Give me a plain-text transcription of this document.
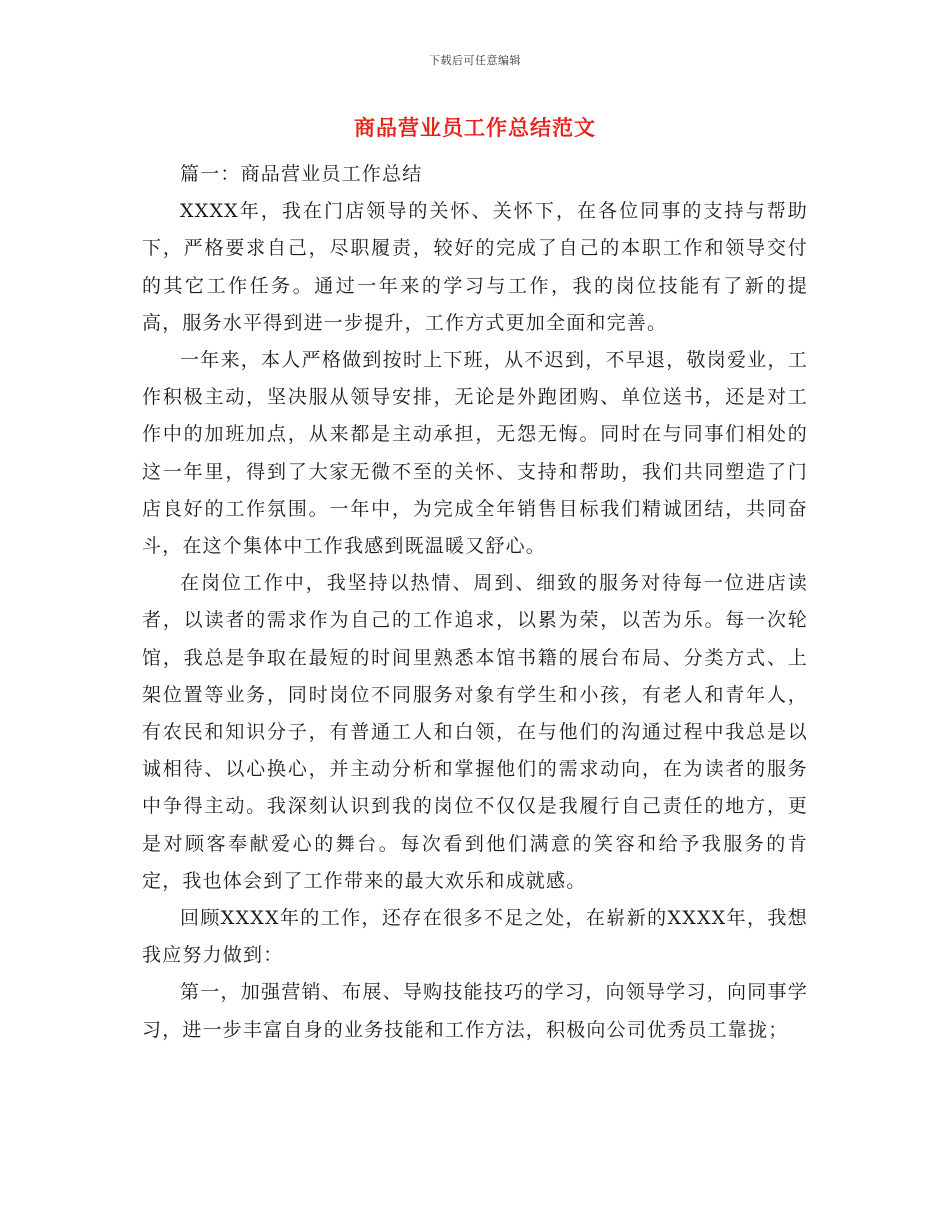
下载后可任意编辑
商品营业员工作总结范文

篇一：商品营业员工作总结

XXXX年，我在门店领导的关怀、关怀下，在各位同事的支持与帮助下，严格要求自己，尽职履责，较好的完成了自己的本职工作和领导交付的其它工作任务。通过一年来的学习与工作，我的岗位技能有了新的提高，服务水平得到进一步提升，工作方式更加全面和完善。

一年来，本人严格做到按时上下班，从不迟到，不早退，敬岗爱业，工作积极主动，坚决服从领导安排，无论是外跑团购、单位送书，还是对工作中的加班加点，从来都是主动承担，无怨无悔。同时在与同事们相处的这一年里，得到了大家无微不至的关怀、支持和帮助，我们共同塑造了门店良好的工作氛围。一年中，为完成全年销售目标我们精诚团结，共同奋斗，在这个集体中工作我感到既温暖又舒心。

在岗位工作中，我坚持以热情、周到、细致的服务对待每一位进店读者，以读者的需求作为自己的工作追求，以累为荣，以苦为乐。每一次轮馆，我总是争取在最短的时间里熟悉本馆书籍的展台布局、分类方式、上架位置等业务，同时岗位不同服务对象有学生和小孩，有老人和青年人，有农民和知识分子，有普通工人和白领，在与他们的沟通过程中我总是以诚相待、以心换心，并主动分析和掌握他们的需求动向，在为读者的服务中争得主动。我深刻认识到我的岗位不仅仅是我履行自己责任的地方，更是对顾客奉献爱心的舞台。每次看到他们满意的笑容和给予我服务的肯定，我也体会到了工作带来的最大欢乐和成就感。

回顾XXXX年的工作，还存在很多不足之处，在崭新的XXXX年，我想我应努力做到：

第一，加强营销、布展、导购技能技巧的学习，向领导学习，向同事学习，进一步丰富自身的业务技能和工作方法，积极向公司优秀员工靠拢；
